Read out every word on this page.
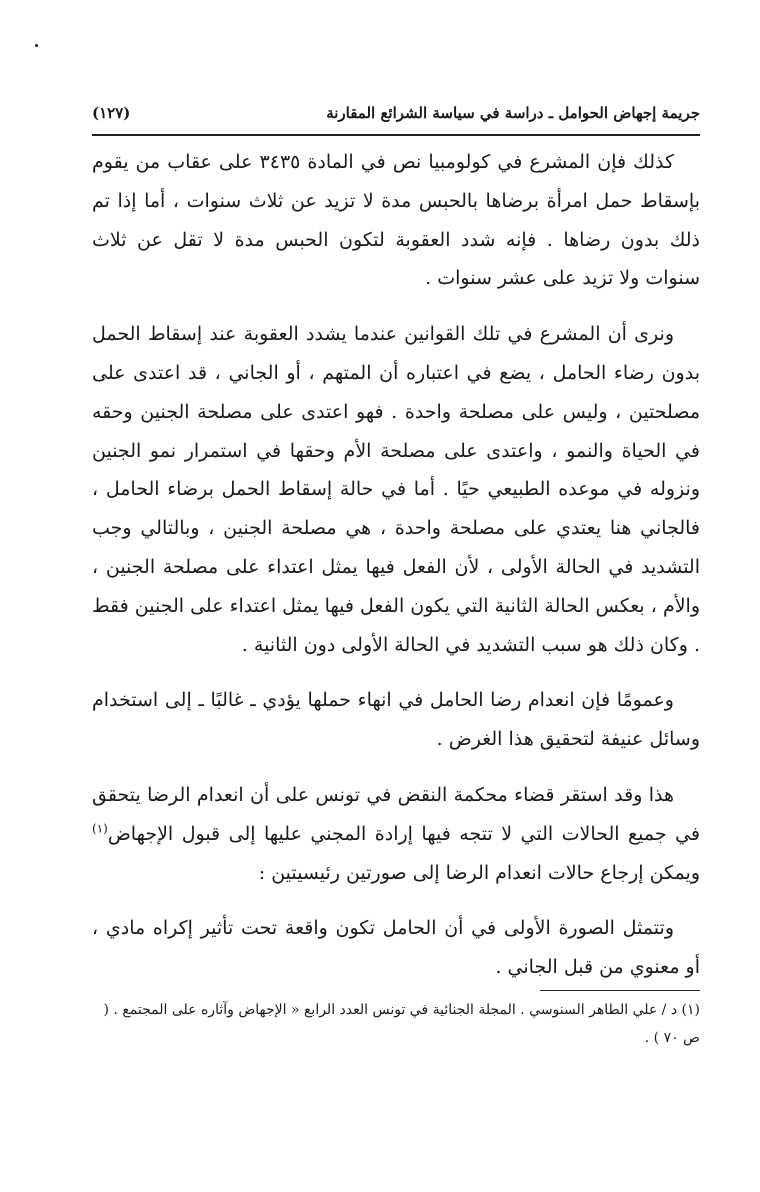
جريمة إجهاض الحوامل ـ دراسة في سياسة الشرائع المقارنة
(١٢٧)

كذلك فإن المشرع في كولومبيا نص في المادة ٣٤٣٥ على عقاب من يقوم بإسقاط حمل امرأة برضاها بالحبس مدة لا تزيد عن ثلاث سنوات ، أما إذا تم ذلك بدون رضاها . فإنه شدد العقوبة لتكون الحبس مدة لا تقل عن ثلاث سنوات ولا تزيد على عشر سنوات .

ونرى أن المشرع في تلك القوانين عندما يشدد العقوبة عند إسقاط الحمل بدون رضاء الحامل ، يضع في اعتباره أن المتهم ، أو الجاني ، قد اعتدى على مصلحتين ، وليس على مصلحة واحدة . فهو اعتدى على مصلحة الجنين وحقه في الحياة والنمو ، واعتدى على مصلحة الأم وحقها في استمرار نمو الجنين ونزوله في موعده الطبيعي حيًا . أما في حالة إسقاط الحمل برضاء الحامل ، فالجاني هنا يعتدي على مصلحة واحدة ، هي مصلحة الجنين ، وبالتالي وجب التشديد في الحالة الأولى ، لأن الفعل فيها يمثل اعتداء على مصلحة الجنين ، والأم ، بعكس الحالة الثانية التي يكون الفعل فيها يمثل اعتداء على الجنين فقط . وكان ذلك هو سبب التشديد في الحالة الأولى دون الثانية .

وعمومًا فإن انعدام رضا الحامل في انهاء حملها يؤدي ـ غالبًا ـ إلى استخدام وسائل عنيفة لتحقيق هذا الغرض .

هذا وقد استقر قضاء محكمة النقض في تونس على أن انعدام الرضا يتحقق في جميع الحالات التي لا تتجه فيها إرادة المجني عليها إلى قبول الإجهاض$^{(١)}$ ويمكن إرجاع حالات انعدام الرضا إلى صورتين رئيسيتين :

وتتمثل الصورة الأولى في أن الحامل تكون واقعة تحت تأثير إكراه مادي ، أو معنوي من قبل الجاني .

(١) د / علي الطاهر السنوسي . المجلة الجنائية في تونس العدد الرابع « الإجهاض وآثاره على المجتمع . ( ص ٧٠ ) .
